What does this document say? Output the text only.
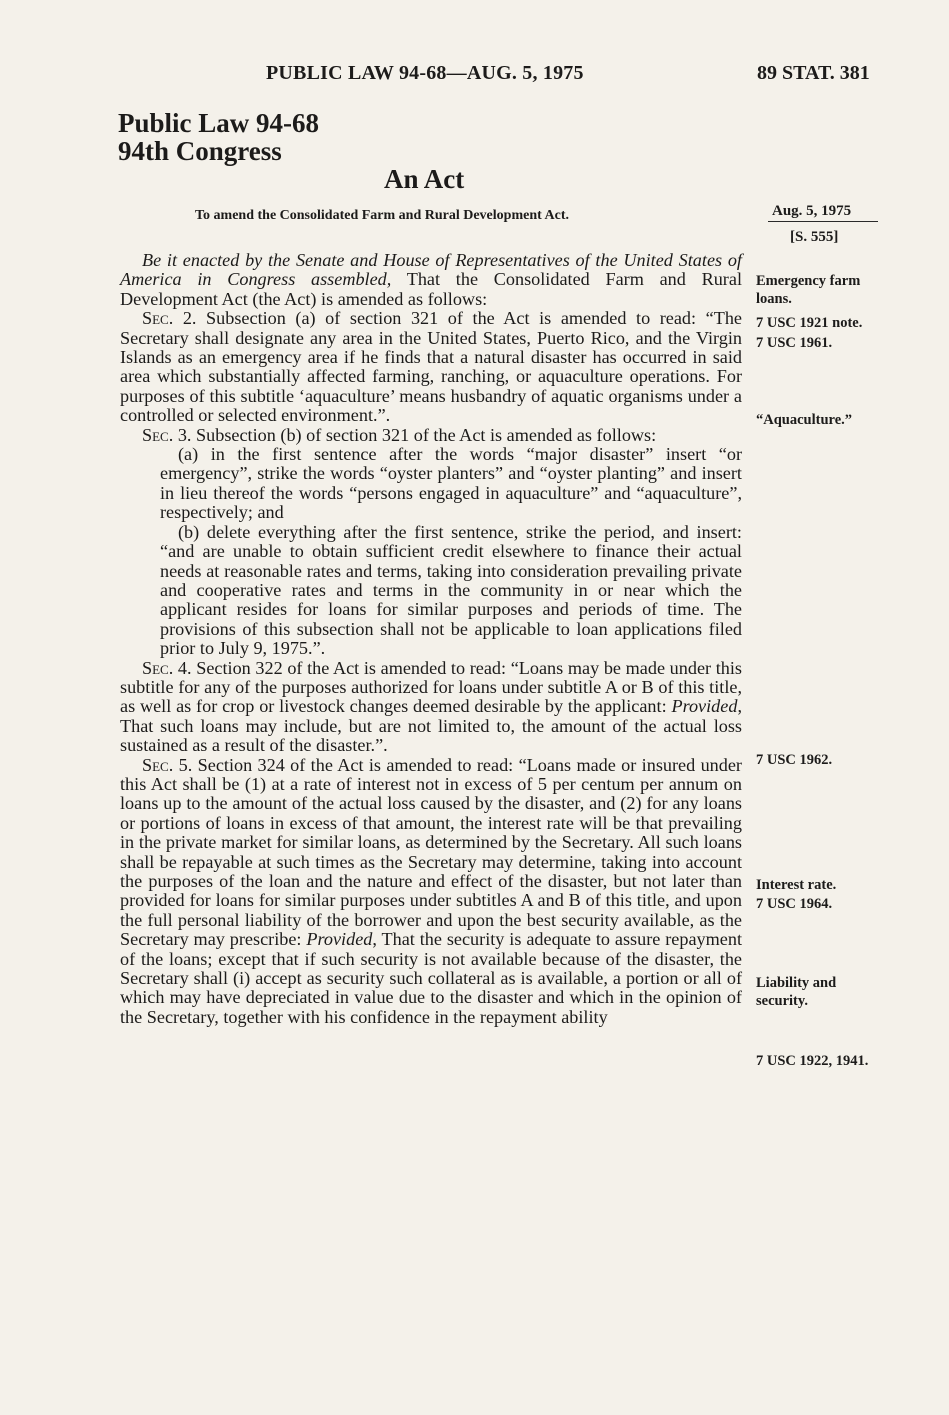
PUBLIC LAW 94-68—AUG. 5, 1975	89 STAT. 381
Public Law 94-68
94th Congress
An Act
To amend the Consolidated Farm and Rural Development Act.	Aug. 5, 1975
[S. 555]

Be it enacted by the Senate and House of Representatives of the United States of America in Congress assembled, That the Consolidated Farm and Rural Development Act (the Act) is amended as follows:

Sec. 2. Subsection (a) of section 321 of the Act is amended to read: “The Secretary shall designate any area in the United States, Puerto Rico, and the Virgin Islands as an emergency area if he finds that a natural disaster has occurred in said area which substantially affected farming, ranching, or aquaculture operations. For purposes of this subtitle ‘aquaculture’ means husbandry of aquatic organisms under a controlled or selected environment.”.

Sec. 3. Subsection (b) of section 321 of the Act is amended as follows:

(a) in the first sentence after the words “major disaster” insert “or emergency”, strike the words “oyster planters” and “oyster planting” and insert in lieu thereof the words “persons engaged in aquaculture” and “aquaculture”, respectively; and

(b) delete everything after the first sentence, strike the period, and insert: “and are unable to obtain sufficient credit elsewhere to finance their actual needs at reasonable rates and terms, taking into consideration prevailing private and cooperative rates and terms in the community in or near which the applicant resides for loans for similar purposes and periods of time. The provisions of this subsection shall not be applicable to loan applications filed prior to July 9, 1975.”.

Sec. 4. Section 322 of the Act is amended to read: “Loans may be made under this subtitle for any of the purposes authorized for loans under subtitle A or B of this title, as well as for crop or livestock changes deemed desirable by the applicant: Provided, That such loans may include, but are not limited to, the amount of the actual loss sustained as a result of the disaster.”.

Sec. 5. Section 324 of the Act is amended to read: “Loans made or insured under this Act shall be (1) at a rate of interest not in excess of 5 per centum per annum on loans up to the amount of the actual loss caused by the disaster, and (2) for any loans or portions of loans in excess of that amount, the interest rate will be that prevailing in the private market for similar loans, as determined by the Secretary. All such loans shall be repayable at such times as the Secretary may determine, taking into account the purposes of the loan and the nature and effect of the disaster, but not later than provided for loans for similar purposes under subtitles A and B of this title, and upon the full personal liability of the borrower and upon the best security available, as the Secretary may prescribe: Provided, That the security is adequate to assure repayment of the loans; except that if such security is not available because of the disaster, the Secretary shall (i) accept as security such collateral as is available, a portion or all of which may have depreciated in value due to the disaster and which in the opinion of the Secretary, together with his confidence in the repayment ability

Emergency farm loans.
7 USC 1921 note.
7 USC 1961.
“Aquaculture.”
7 USC 1962.
Interest rate.
7 USC 1964.
Liability and security.
7 USC 1922, 1941.
